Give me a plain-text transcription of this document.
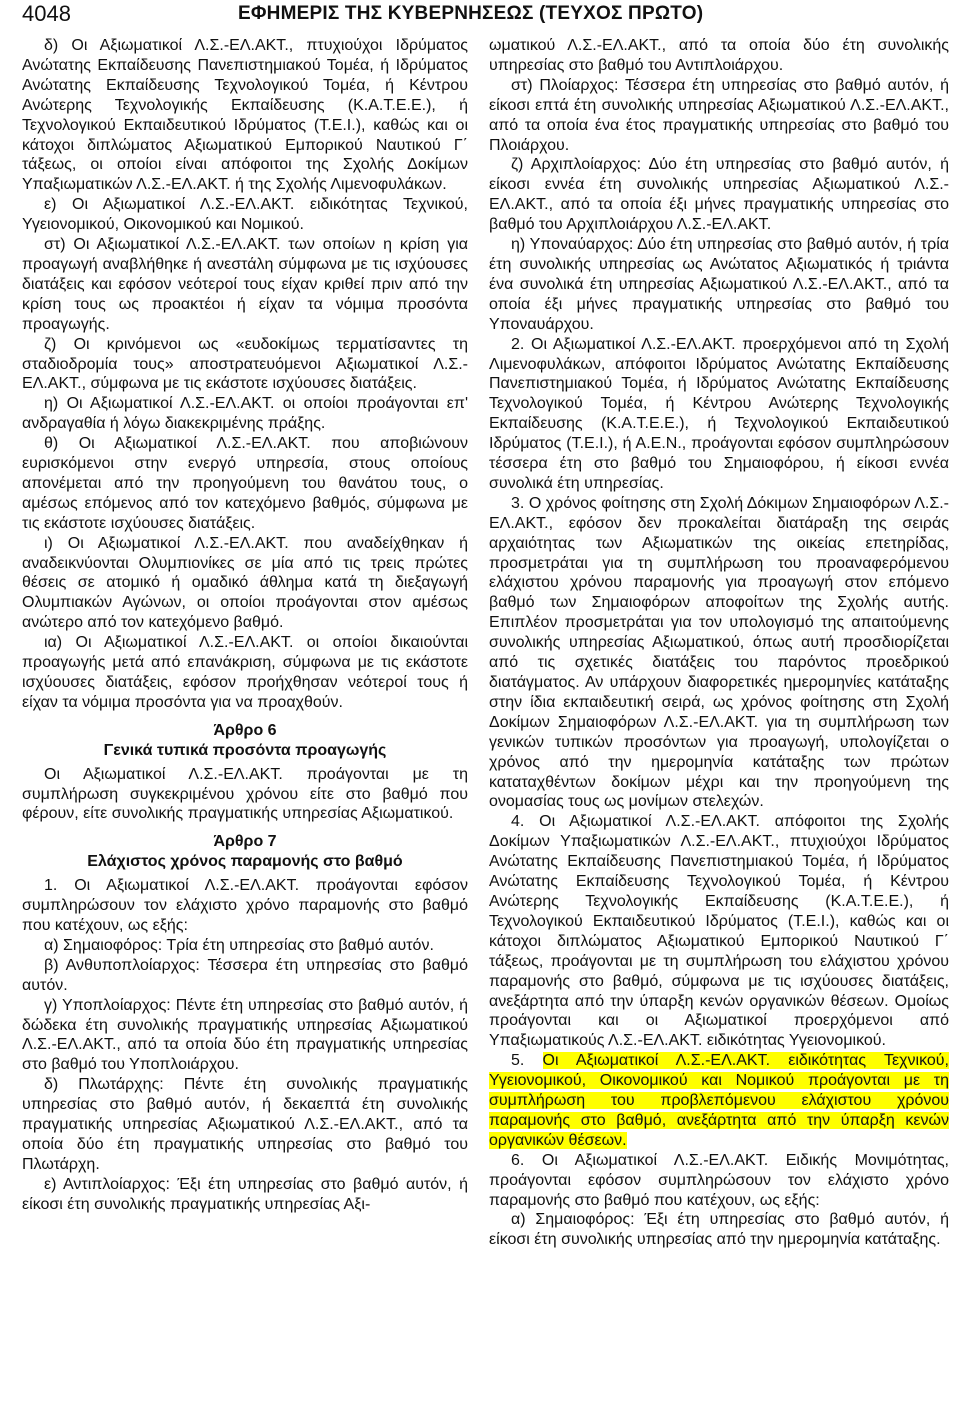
4048	ΕΦΗΜΕΡΙΣ ΤΗΣ ΚΥΒΕΡΝΗΣΕΩΣ (ΤΕΥΧΟΣ ΠΡΩΤΟ)

δ) Οι Αξιωματικοί Λ.Σ.-ΕΛ.ΑΚΤ., πτυχιούχοι Ιδρύματος Ανώτατης Εκπαίδευσης Πανεπιστημιακού Τομέα, ή Ιδρύματος Ανώτατης Εκπαίδευσης Τεχνολογικού Τομέα, ή Κέντρου Ανώτερης Τεχνολογικής Εκπαίδευσης (Κ.Α.Τ.Ε.Ε.), ή Τεχνολογικού Εκπαιδευτικού Ιδρύματος (Τ.Ε.Ι.), καθώς και οι κάτοχοι διπλώματος Αξιωματικού Εμπορικού Ναυτικού Γ΄ τάξεως, οι οποίοι είναι απόφοιτοι της Σχολής Δοκίμων Υπαξιωματικών Λ.Σ.-ΕΛ.ΑΚΤ. ή της Σχολής Λιμενοφυλάκων.

ε) Οι Αξιωματικοί Λ.Σ.-ΕΛ.ΑΚΤ. ειδικότητας Τεχνικού, Υγειονομικού, Οικονομικού και Νομικού.

στ) Οι Αξιωματικοί Λ.Σ.-ΕΛ.ΑΚΤ. των οποίων η κρίση για προαγωγή αναβλήθηκε ή ανεστάλη σύμφωνα με τις ισχύουσες διατάξεις και εφόσον νεότεροί τους είχαν κριθεί πριν από την κρίση τους ως προακτέοι ή είχαν τα νόμιμα προσόντα προαγωγής.

ζ) Οι κρινόμενοι ως «ευδοκίμως τερματίσαντες τη σταδιοδρομία τους» αποστρατευόμενοι Αξιωματικοί Λ.Σ.-ΕΛ.ΑΚΤ., σύμφωνα με τις εκάστοτε ισχύουσες διατάξεις.

η) Οι Αξιωματικοί Λ.Σ.-ΕΛ.ΑΚΤ. οι οποίοι προάγονται επ' ανδραγαθία ή λόγω διακεκριμένης πράξης.

θ) Οι Αξιωματικοί Λ.Σ.-ΕΛ.ΑΚΤ. που αποβιώνουν ευρισκόμενοι στην ενεργό υπηρεσία, στους οποίους απονέμεται από την προηγούμενη του θανάτου τους, ο αμέσως επόμενος από τον κατεχόμενο βαθμός, σύμφωνα με τις εκάστοτε ισχύουσες διατάξεις.

ι) Οι Αξιωματικοί Λ.Σ.-ΕΛ.ΑΚΤ. που αναδείχθηκαν ή αναδεικνύονται Ολυμπιονίκες σε μία από τις τρεις πρώτες θέσεις σε ατομικό ή ομαδικό άθλημα κατά τη διεξαγωγή Ολυμπιακών Αγώνων, οι οποίοι προάγονται στον αμέσως ανώτερο από τον κατεχόμενο βαθμό.

ια) Οι Αξιωματικοί Λ.Σ.-ΕΛ.ΑΚΤ. οι οποίοι δικαιούνται προαγωγής μετά από επανάκριση, σύμφωνα με τις εκάστοτε ισχύουσες διατάξεις, εφόσον προήχθησαν νεότεροί τους ή είχαν τα νόμιμα προσόντα για να προαχθούν.

Άρθρο 6

Γενικά τυπικά προσόντα προαγωγής

Οι Αξιωματικοί Λ.Σ.-ΕΛ.ΑΚΤ. προάγονται με τη συμπλήρωση συγκεκριμένου χρόνου είτε στο βαθμό που φέρουν, είτε συνολικής πραγματικής υπηρεσίας Αξιωματικού.

Άρθρο 7

Ελάχιστος χρόνος παραμονής στο βαθμό

1. Οι Αξιωματικοί Λ.Σ.-ΕΛ.ΑΚΤ. προάγονται εφόσον συμπληρώσουν τον ελάχιστο χρόνο παραμονής στο βαθμό που κατέχουν, ως εξής:

α) Σημαιοφόρος: Τρία έτη υπηρεσίας στο βαθμό αυτόν.

β) Ανθυποπλοίαρχος: Τέσσερα έτη υπηρεσίας στο βαθμό αυτόν.

γ) Υποπλοίαρχος: Πέντε έτη υπηρεσίας στο βαθμό αυτόν, ή δώδεκα έτη συνολικής πραγματικής υπηρεσίας Αξιωματικού Λ.Σ.-ΕΛ.ΑΚΤ., από τα οποία δύο έτη πραγματικής υπηρεσίας στο βαθμό του Υποπλοιάρχου.

δ) Πλωτάρχης: Πέντε έτη συνολικής πραγματικής υπηρεσίας στο βαθμό αυτόν, ή δεκαεπτά έτη συνολικής πραγματικής υπηρεσίας Αξιωματικού Λ.Σ.-ΕΛ.ΑΚΤ., από τα οποία δύο έτη πραγματικής υπηρεσίας στο βαθμό του Πλωτάρχη.

ε) Αντιπλοίαρχος: Έξι έτη υπηρεσίας στο βαθμό αυτόν, ή είκοσι έτη συνολικής πραγματικής υπηρεσίας Αξι-

ωματικού Λ.Σ.-ΕΛ.ΑΚΤ., από τα οποία δύο έτη συνολικής υπηρεσίας στο βαθμό του Αντιπλοιάρχου.

στ) Πλοίαρχος: Τέσσερα έτη υπηρεσίας στο βαθμό αυτόν, ή είκοσι επτά έτη συνολικής υπηρεσίας Αξιωματικού Λ.Σ.-ΕΛ.ΑΚΤ., από τα οποία ένα έτος πραγματικής υπηρεσίας στο βαθμό του Πλοιάρχου.

ζ) Αρχιπλοίαρχος: Δύο έτη υπηρεσίας στο βαθμό αυτόν, ή είκοσι εννέα έτη συνολικής υπηρεσίας Αξιωματικού Λ.Σ.-ΕΛ.ΑΚΤ., από τα οποία έξι μήνες πραγματικής υπηρεσίας στο βαθμό του Αρχιπλοιάρχου Λ.Σ.-ΕΛ.ΑΚΤ.

η) Υποναύαρχος: Δύο έτη υπηρεσίας στο βαθμό αυτόν, ή τρία έτη συνολικής υπηρεσίας ως Ανώτατος Αξιωματικός ή τριάντα ένα συνολικά έτη υπηρεσίας Αξιωματικού Λ.Σ.-ΕΛ.ΑΚΤ., από τα οποία έξι μήνες πραγματικής υπηρεσίας στο βαθμό του Υποναυάρχου.

2. Οι Αξιωματικοί Λ.Σ.-ΕΛ.ΑΚΤ. προερχόμενοι από τη Σχολή Λιμενοφυλάκων, απόφοιτοι Ιδρύματος Ανώτατης Εκπαίδευσης Πανεπιστημιακού Τομέα, ή Ιδρύματος Ανώτατης Εκπαίδευσης Τεχνολογικού Τομέα, ή Κέντρου Ανώτερης Τεχνολογικής Εκπαίδευσης (Κ.Α.Τ.Ε.Ε.), ή Τεχνολογικού Εκπαιδευτικού Ιδρύματος (Τ.Ε.Ι.), ή Α.Ε.Ν., προάγονται εφόσον συμπληρώσουν τέσσερα έτη στο βαθμό του Σημαιοφόρου, ή είκοσι εννέα συνολικά έτη υπηρεσίας.

3. Ο χρόνος φοίτησης στη Σχολή Δόκιμων Σημαιοφόρων Λ.Σ.-ΕΛ.ΑΚΤ., εφόσον δεν προκαλείται διατάραξη της σειράς αρχαιότητας των Αξιωματικών της οικείας επετηρίδας, προσμετράται για τη συμπλήρωση του προαναφερόμενου ελάχιστου χρόνου παραμονής για προαγωγή στον επόμενο βαθμό των Σημαιοφόρων αποφοίτων της Σχολής αυτής. Επιπλέον προσμετράται για τον υπολογισμό της απαιτούμενης συνολικής υπηρεσίας Αξιωματικού, όπως αυτή προσδιορίζεται από τις σχετικές διατάξεις του παρόντος προεδρικού διατάγματος. Αν υπάρχουν διαφορετικές ημερομηνίες κατάταξης στην ίδια εκπαιδευτική σειρά, ως χρόνος φοίτησης στη Σχολή Δοκίμων Σημαιοφόρων Λ.Σ.-ΕΛ.ΑΚΤ. για τη συμπλήρωση των γενικών τυπικών προσόντων για προαγωγή, υπολογίζεται ο χρόνος από την ημερομηνία κατάταξης των πρώτων καταταχθέντων δοκίμων μέχρι και την προηγούμενη της ονομασίας τους ως μονίμων στελεχών.

4. Οι Αξιωματικοί Λ.Σ.-ΕΛ.ΑΚΤ. απόφοιτοι της Σχολής Δοκίμων Υπαξιωματικών Λ.Σ.-ΕΛ.ΑΚΤ., πτυχιούχοι Ιδρύματος Ανώτατης Εκπαίδευσης Πανεπιστημιακού Τομέα, ή Ιδρύματος Ανώτατης Εκπαίδευσης Τεχνολογικού Τομέα, ή Κέντρου Ανώτερης Τεχνολογικής Εκπαίδευσης (Κ.Α.Τ.Ε.Ε.), ή Τεχνολογικού Εκπαιδευτικού Ιδρύματος (Τ.Ε.Ι.), καθώς και οι κάτοχοι διπλώματος Αξιωματικού Εμπορικού Ναυτικού Γ΄ τάξεως, προάγονται με τη συμπλήρωση του ελάχιστου χρόνου παραμονής στο βαθμό, σύμφωνα με τις ισχύουσες διατάξεις, ανεξάρτητα από την ύπαρξη κενών οργανικών θέσεων. Ομοίως προάγονται και οι Αξιωματικοί προερχόμενοι από Υπαξιωματικούς Λ.Σ.-ΕΛ.ΑΚΤ. ειδικότητας Υγειονομικού.

5. Οι Αξιωματικοί Λ.Σ.-ΕΛ.ΑΚΤ. ειδικότητας Τεχνικού, Υγειονομικού, Οικονομικού και Νομικού προάγονται με τη συμπλήρωση του προβλεπόμενου ελάχιστου χρόνου παραμονής στο βαθμό, ανεξάρτητα από την ύπαρξη κενών οργανικών θέσεων.

6. Οι Αξιωματικοί Λ.Σ.-ΕΛ.ΑΚΤ. Ειδικής Μονιμότητας, προάγονται εφόσον συμπληρώσουν τον ελάχιστο χρόνο παραμονής στο βαθμό που κατέχουν, ως εξής:

α) Σημαιοφόρος: Έξι έτη υπηρεσίας στο βαθμό αυτόν, ή είκοσι έτη συνολικής υπηρεσίας από την ημερομηνία κατάταξης.
